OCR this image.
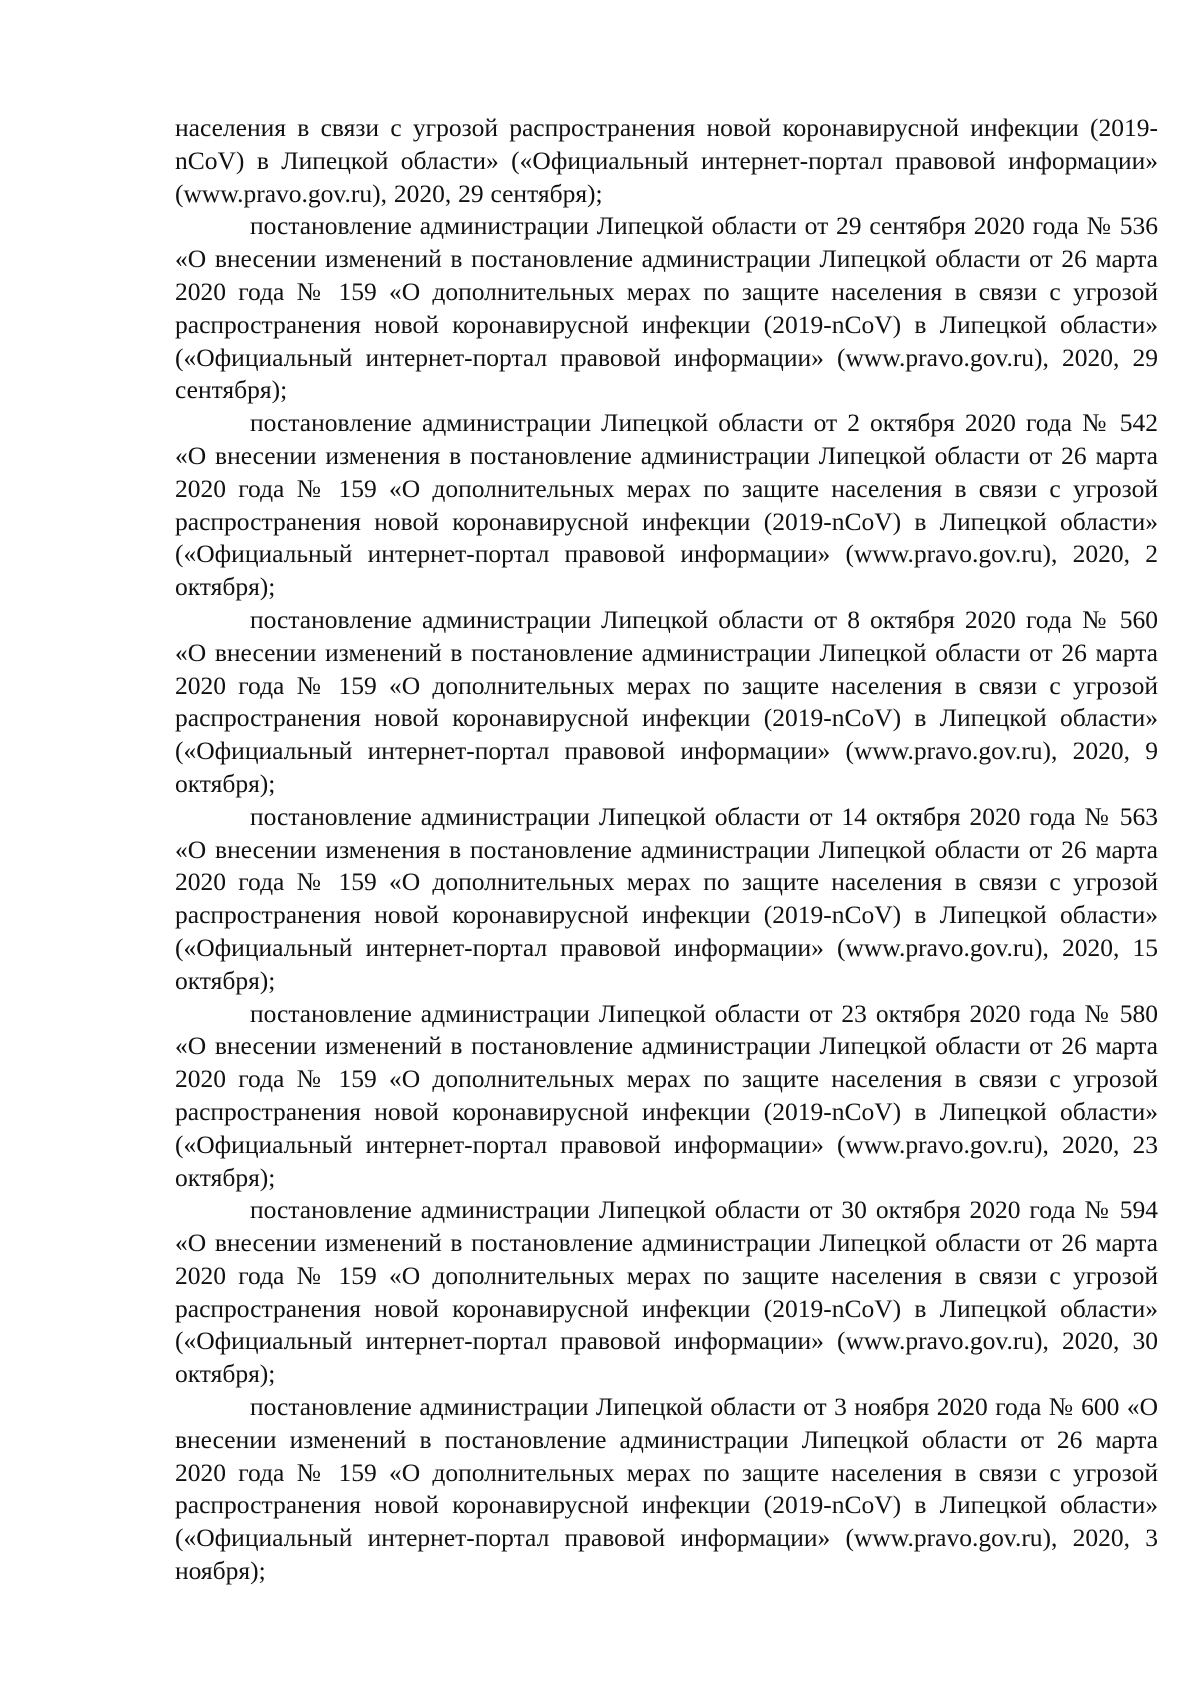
населения в связи с угрозой распространения новой коронавирусной инфекции (2019-nCoV) в Липецкой области» («Официальный интернет-портал правовой информации» (www.pravo.gov.ru), 2020, 29 сентября);

постановление администрации Липецкой области от 29 сентября 2020 года № 536 «О внесении изменений в постановление администрации Липецкой области от 26 марта 2020 года № 159 «О дополнительных мерах по защите населения в связи с угрозой распространения новой коронавирусной инфекции (2019-nCoV) в Липецкой области» («Официальный интернет-портал правовой информации» (www.pravo.gov.ru), 2020, 29 сентября);

постановление администрации Липецкой области от 2 октября 2020 года № 542 «О внесении изменения в постановление администрации Липецкой области от 26 марта 2020 года № 159 «О дополнительных мерах по защите населения в связи с угрозой распространения новой коронавирусной инфекции (2019-nCoV) в Липецкой области» («Официальный интернет-портал правовой информации» (www.pravo.gov.ru), 2020, 2 октября);

постановление администрации Липецкой области от 8 октября 2020 года № 560 «О внесении изменений в постановление администрации Липецкой области от 26 марта 2020 года № 159 «О дополнительных мерах по защите населения в связи с угрозой распространения новой коронавирусной инфекции (2019-nCoV) в Липецкой области» («Официальный интернет-портал правовой информации» (www.pravo.gov.ru), 2020, 9 октября);

постановление администрации Липецкой области от 14 октября 2020 года № 563 «О внесении изменения в постановление администрации Липецкой области от 26 марта 2020 года № 159 «О дополнительных мерах по защите населения в связи с угрозой распространения новой коронавирусной инфекции (2019-nCoV) в Липецкой области» («Официальный интернет-портал правовой информации» (www.pravo.gov.ru), 2020, 15 октября);

постановление администрации Липецкой области от 23 октября 2020 года № 580 «О внесении изменений в постановление администрации Липецкой области от 26 марта 2020 года № 159 «О дополнительных мерах по защите населения в связи с угрозой распространения новой коронавирусной инфекции (2019-nCoV) в Липецкой области» («Официальный интернет-портал правовой информации» (www.pravo.gov.ru), 2020, 23 октября);

постановление администрации Липецкой области от 30 октября 2020 года № 594 «О внесении изменений в постановление администрации Липецкой области от 26 марта 2020 года № 159 «О дополнительных мерах по защите населения в связи с угрозой распространения новой коронавирусной инфекции (2019-nCoV) в Липецкой области» («Официальный интернет-портал правовой информации» (www.pravo.gov.ru), 2020, 30 октября);

постановление администрации Липецкой области от 3 ноября 2020 года № 600 «О внесении изменений в постановление администрации Липецкой области от 26 марта 2020 года № 159 «О дополнительных мерах по защите населения в связи с угрозой распространения новой коронавирусной инфекции (2019-nCoV) в Липецкой области» («Официальный интернет-портал правовой информации» (www.pravo.gov.ru), 2020, 3 ноября);
